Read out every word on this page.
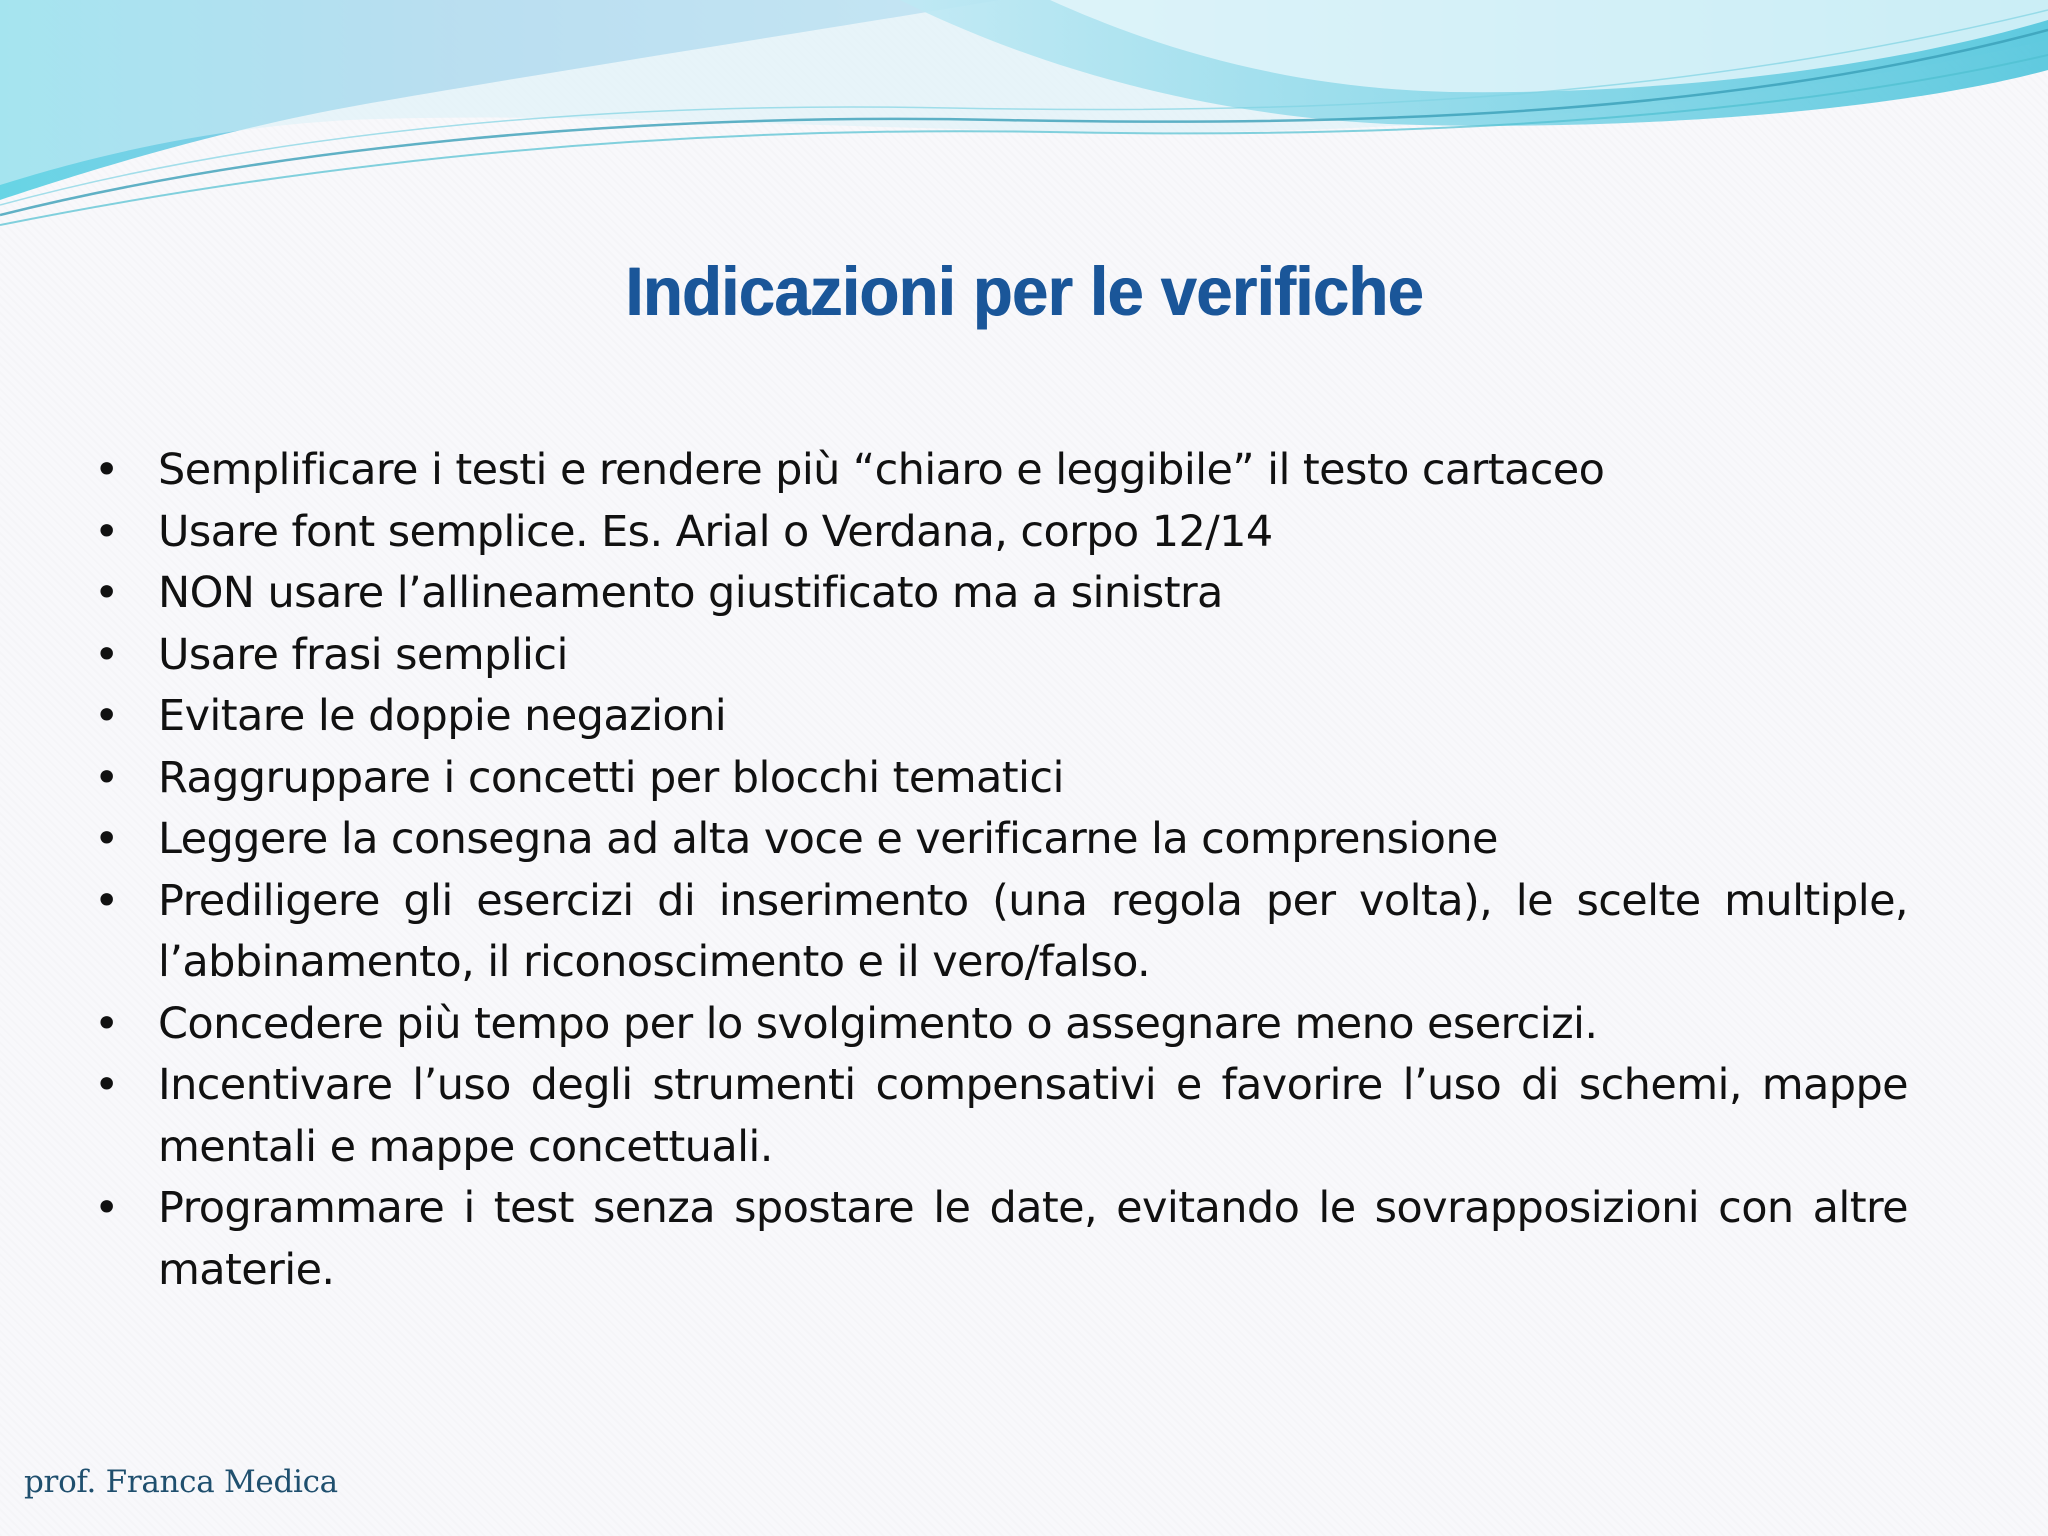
Indicazioni per le verifiche
• Semplificare i testi e rendere più “chiaro e leggibile” il testo cartaceo
• Usare font semplice. Es. Arial o Verdana, corpo 12/14
• NON usare l’allineamento giustificato ma a sinistra
• Usare frasi semplici
• Evitare le doppie negazioni
• Raggruppare i concetti per blocchi tematici
• Leggere la consegna ad alta voce e verificarne la comprensione
• Prediligere gli esercizi di inserimento (una regola per volta), le scelte multiple, l’abbinamento, il riconoscimento e il vero/falso.
• Concedere più tempo per lo svolgimento o assegnare meno esercizi.
• Incentivare l’uso degli strumenti compensativi e favorire l’uso di schemi, mappe mentali e mappe concettuali.
• Programmare i test senza spostare le date, evitando le sovrapposizioni con altre materie.
prof. Franca Medica
